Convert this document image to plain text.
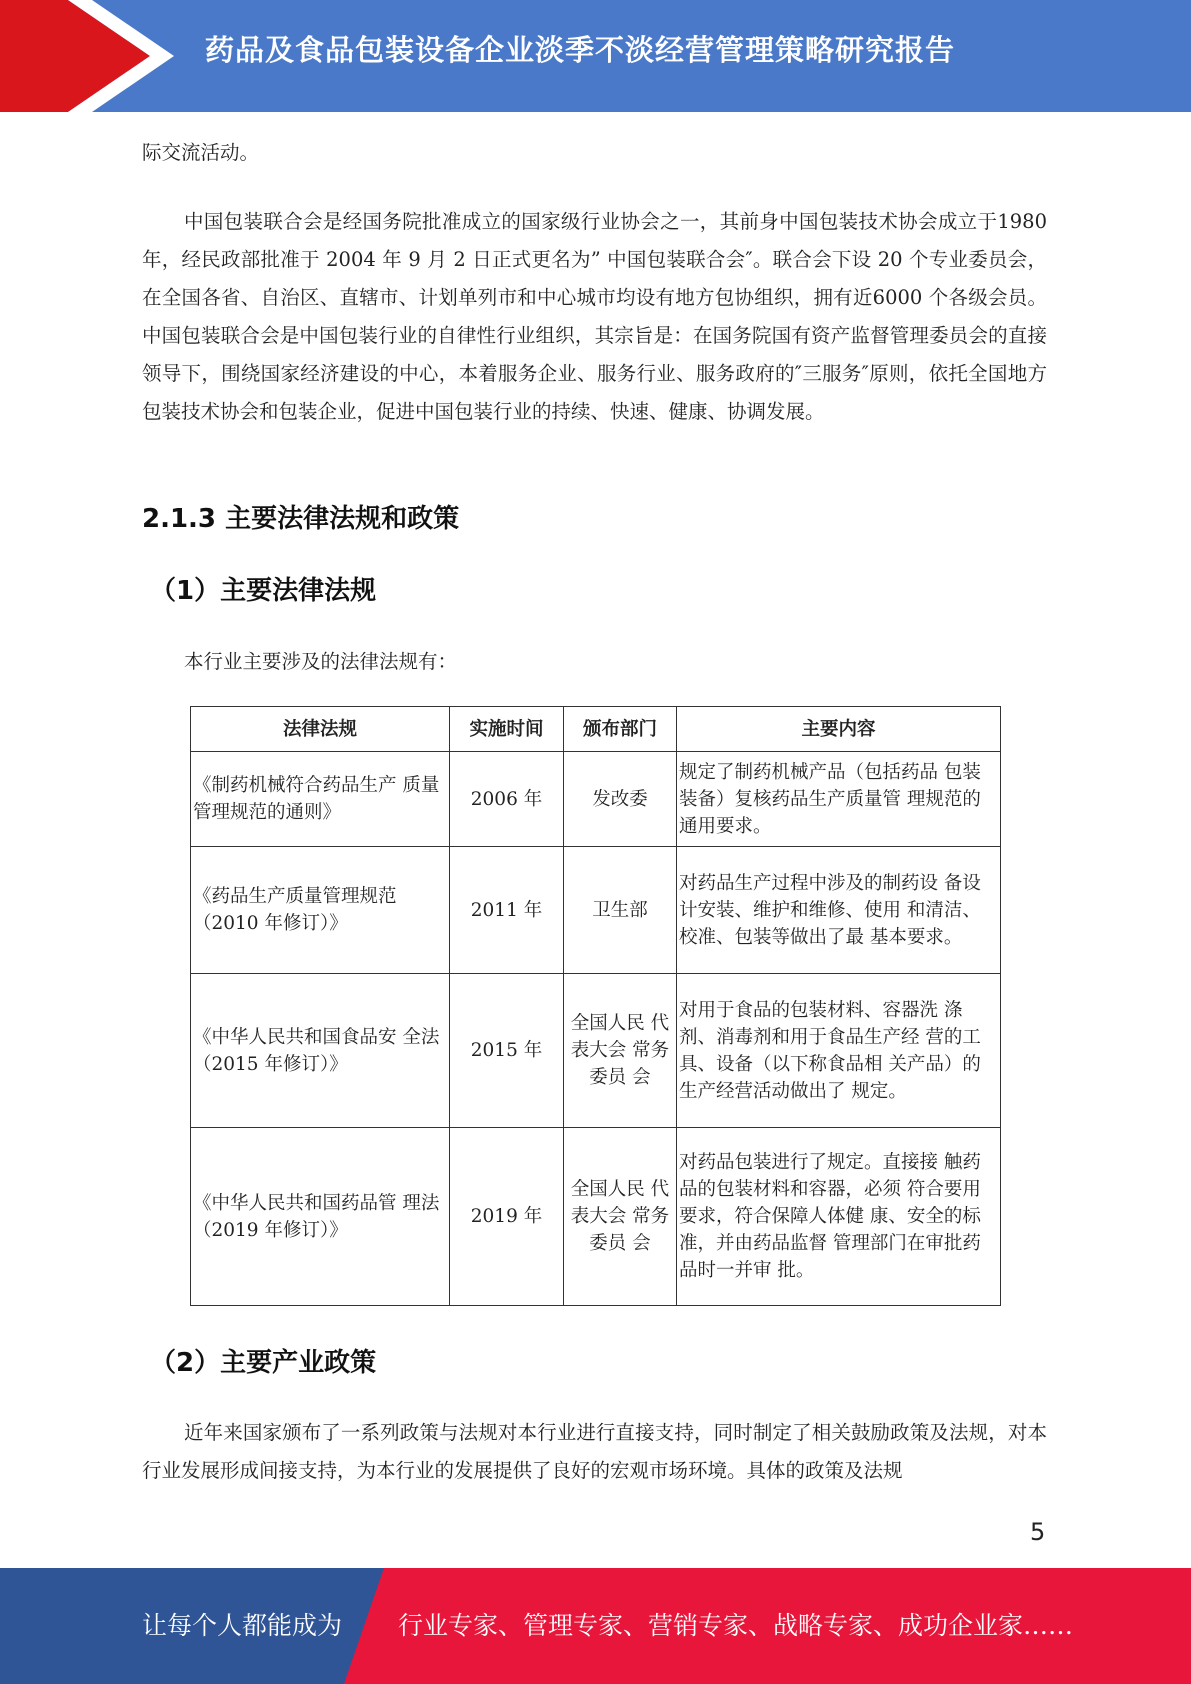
药品及食品包装设备企业淡季不淡经营管理策略研究报告
际交流活动。
中国包装联合会是经国务院批准成立的国家级行业协会之一，其前身中国包装技术协会成立于1980 年，经民政部批准于 2004 年 9 月 2 日正式更名为” 中国包装联合会″。联合会下设 20 个专业委员会，在全国各省、自治区、直辖市、计划单列市和中心城市均设有地方包协组织，拥有近6000 个各级会员。中国包装联合会是中国包装行业的自律性行业组织，其宗旨是：在国务院国有资产监督管理委员会的直接领导下，围绕国家经济建设的中心，本着服务企业、服务行业、服务政府的″三服务″原则，依托全国地方包装技术协会和包装企业，促进中国包装行业的持续、快速、健康、协调发展。
2.1.3 主要法律法规和政策
（1）主要法律法规
本行业主要涉及的法律法规有：
法律法规	实施时间	颁布部门	主要内容
《制药机械符合药品生产 质量管理规范的通则》	2006 年	发改委	规定了制药机械产品（包括药品 包装装备）复核药品生产质量管 理规范的通用要求。
《药品生产质量管理规范（2010 年修订）》	2011 年	卫生部	对药品生产过程中涉及的制药设 备设计安装、维护和维修、使用 和清洁、校准、包装等做出了最 基本要求。
《中华人民共和国食品安 全法（2015 年修订）》	2015 年	全国人民 代表大会 常务委员 会	对用于食品的包装材料、容器洗 涤剂、消毒剂和用于食品生产经 营的工具、设备（以下称食品相 关产品）的生产经营活动做出了 规定。
《中华人民共和国药品管 理法（2019 年修订）》	2019 年	全国人民 代表大会 常务委员 会	对药品包装进行了规定。直接接 触药品的包装材料和容器，必须 符合要用要求，符合保障人体健 康、安全的标准，并由药品监督 管理部门在审批药品时一并审 批。
（2）主要产业政策
近年来国家颁布了一系列政策与法规对本行业进行直接支持，同时制定了相关鼓励政策及法规，对本行业发展形成间接支持，为本行业的发展提供了良好的宏观市场环境。具体的政策及法规
5
让每个人都能成为 行业专家、管理专家、营销专家、战略专家、成功企业家……
